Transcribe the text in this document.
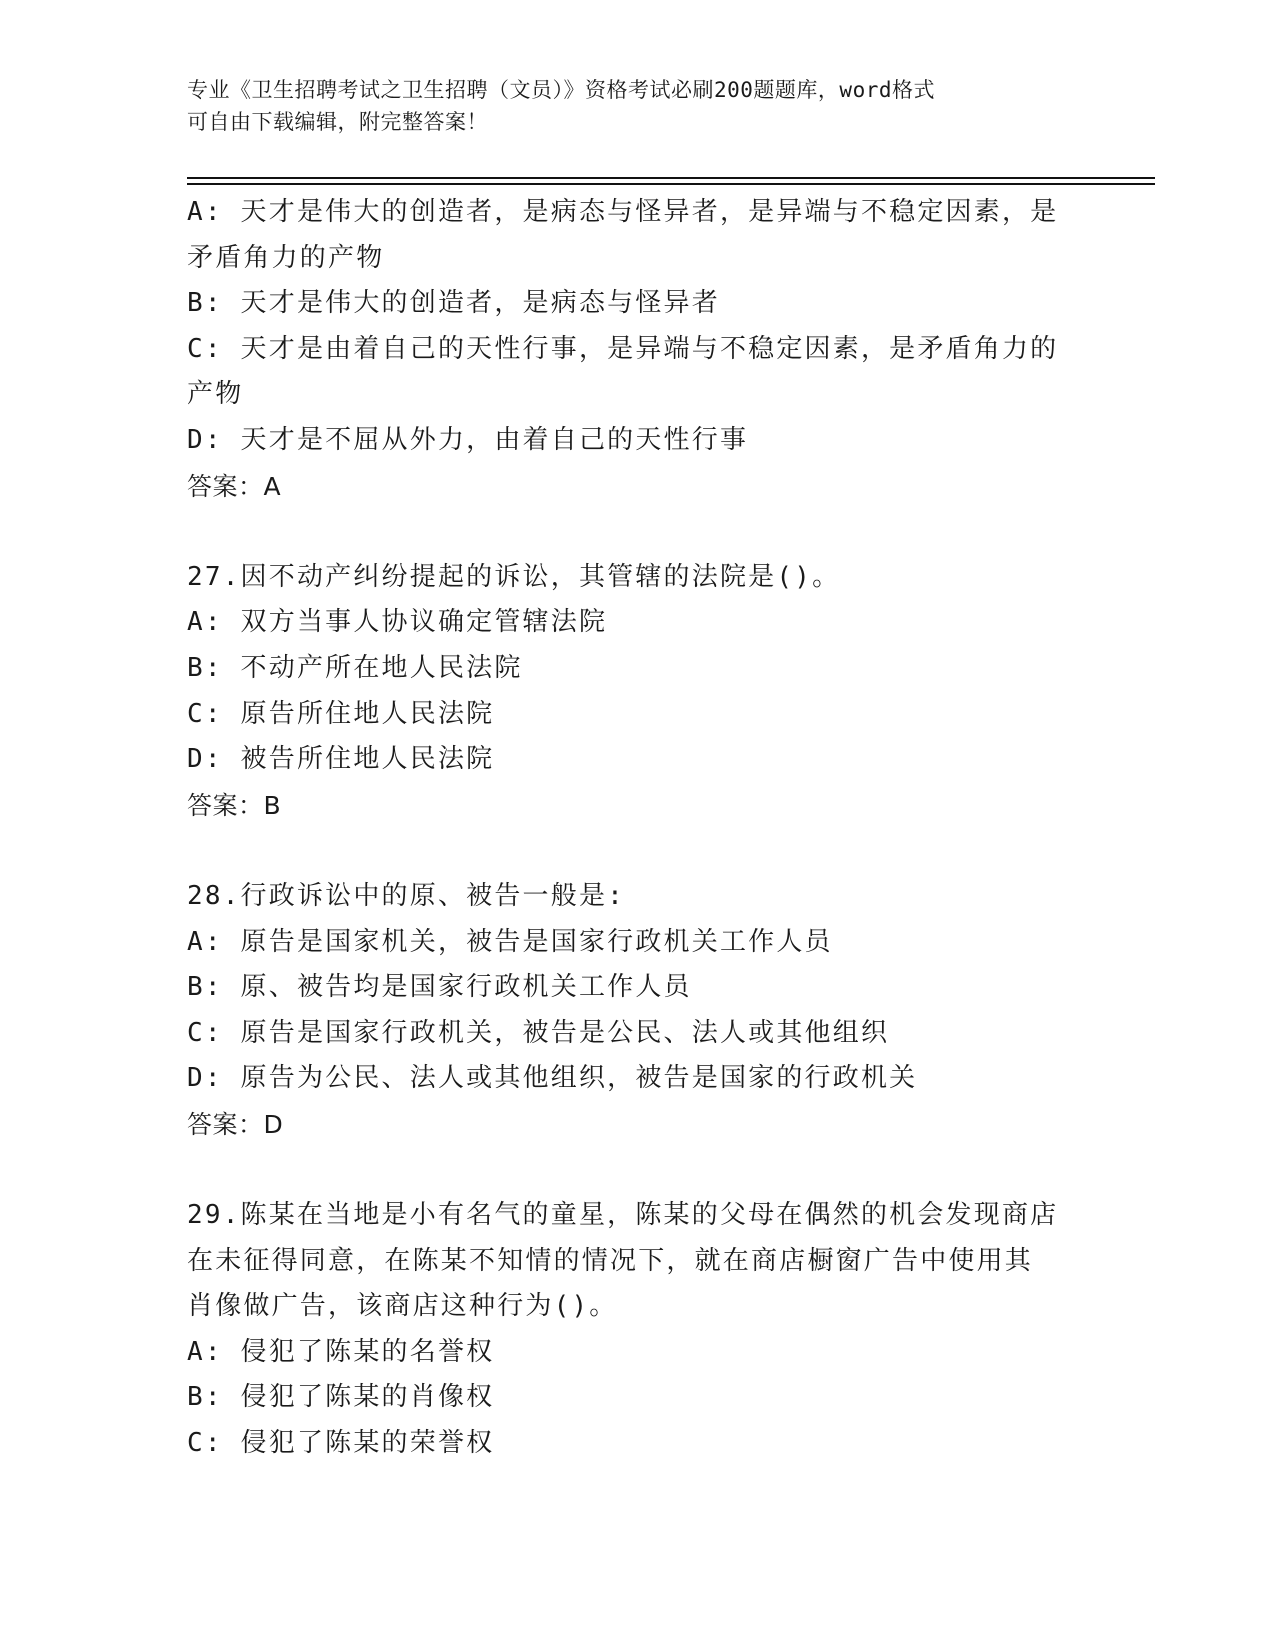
专业《卫生招聘考试之卫生招聘（文员）》资格考试必刷200题题库，word格式
可自由下载编辑，附完整答案！
A: 天才是伟大的创造者，是病态与怪异者，是异端与不稳定因素，是
矛盾角力的产物
B: 天才是伟大的创造者，是病态与怪异者
C: 天才是由着自己的天性行事，是异端与不稳定因素，是矛盾角力的
产物
D: 天才是不屈从外力，由着自己的天性行事
答案：A
27.因不动产纠纷提起的诉讼，其管辖的法院是()。
A: 双方当事人协议确定管辖法院
B: 不动产所在地人民法院
C: 原告所住地人民法院
D: 被告所住地人民法院
答案：B
28.行政诉讼中的原、被告一般是:
A: 原告是国家机关，被告是国家行政机关工作人员
B: 原、被告均是国家行政机关工作人员
C: 原告是国家行政机关，被告是公民、法人或其他组织
D: 原告为公民、法人或其他组织，被告是国家的行政机关
答案：D
29.陈某在当地是小有名气的童星，陈某的父母在偶然的机会发现商店
在未征得同意，在陈某不知情的情况下，就在商店橱窗广告中使用其
肖像做广告，该商店这种行为()。
A: 侵犯了陈某的名誉权
B: 侵犯了陈某的肖像权
C: 侵犯了陈某的荣誉权
